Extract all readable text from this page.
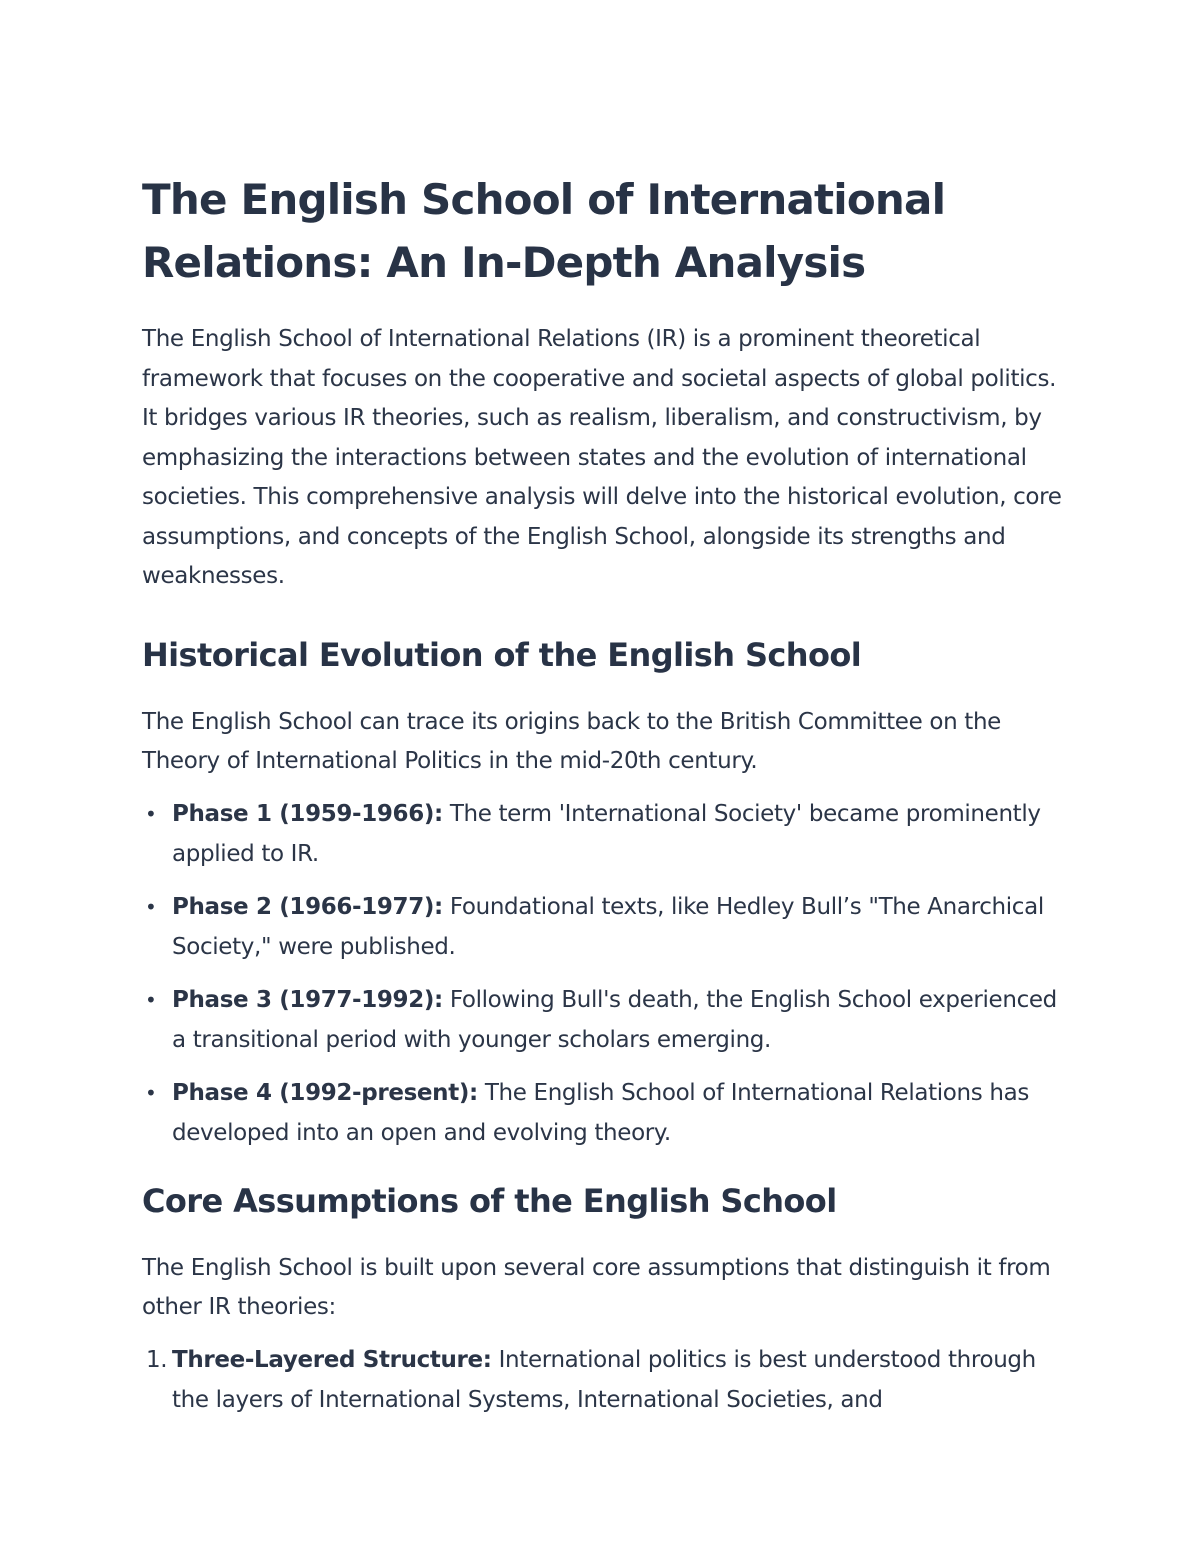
The English School of International Relations: An In-Depth Analysis

The English School of International Relations (IR) is a prominent theoretical framework that focuses on the cooperative and societal aspects of global politics. It bridges various IR theories, such as realism, liberalism, and constructivism, by emphasizing the interactions between states and the evolution of international societies. This comprehensive analysis will delve into the historical evolution, core assumptions, and concepts of the English School, alongside its strengths and weaknesses.

Historical Evolution of the English School

The English School can trace its origins back to the British Committee on the Theory of International Politics in the mid-20th century.

• Phase 1 (1959-1966): The term 'International Society' became prominently applied to IR.
• Phase 2 (1966-1977): Foundational texts, like Hedley Bull’s "The Anarchical Society," were published.
• Phase 3 (1977-1992): Following Bull's death, the English School experienced a transitional period with younger scholars emerging.
• Phase 4 (1992-present): The English School of International Relations has developed into an open and evolving theory.
Core Assumptions of the English School

The English School is built upon several core assumptions that distinguish it from other IR theories:

1. Three-Layered Structure: International politics is best understood through the layers of International Systems, International Societies, and
